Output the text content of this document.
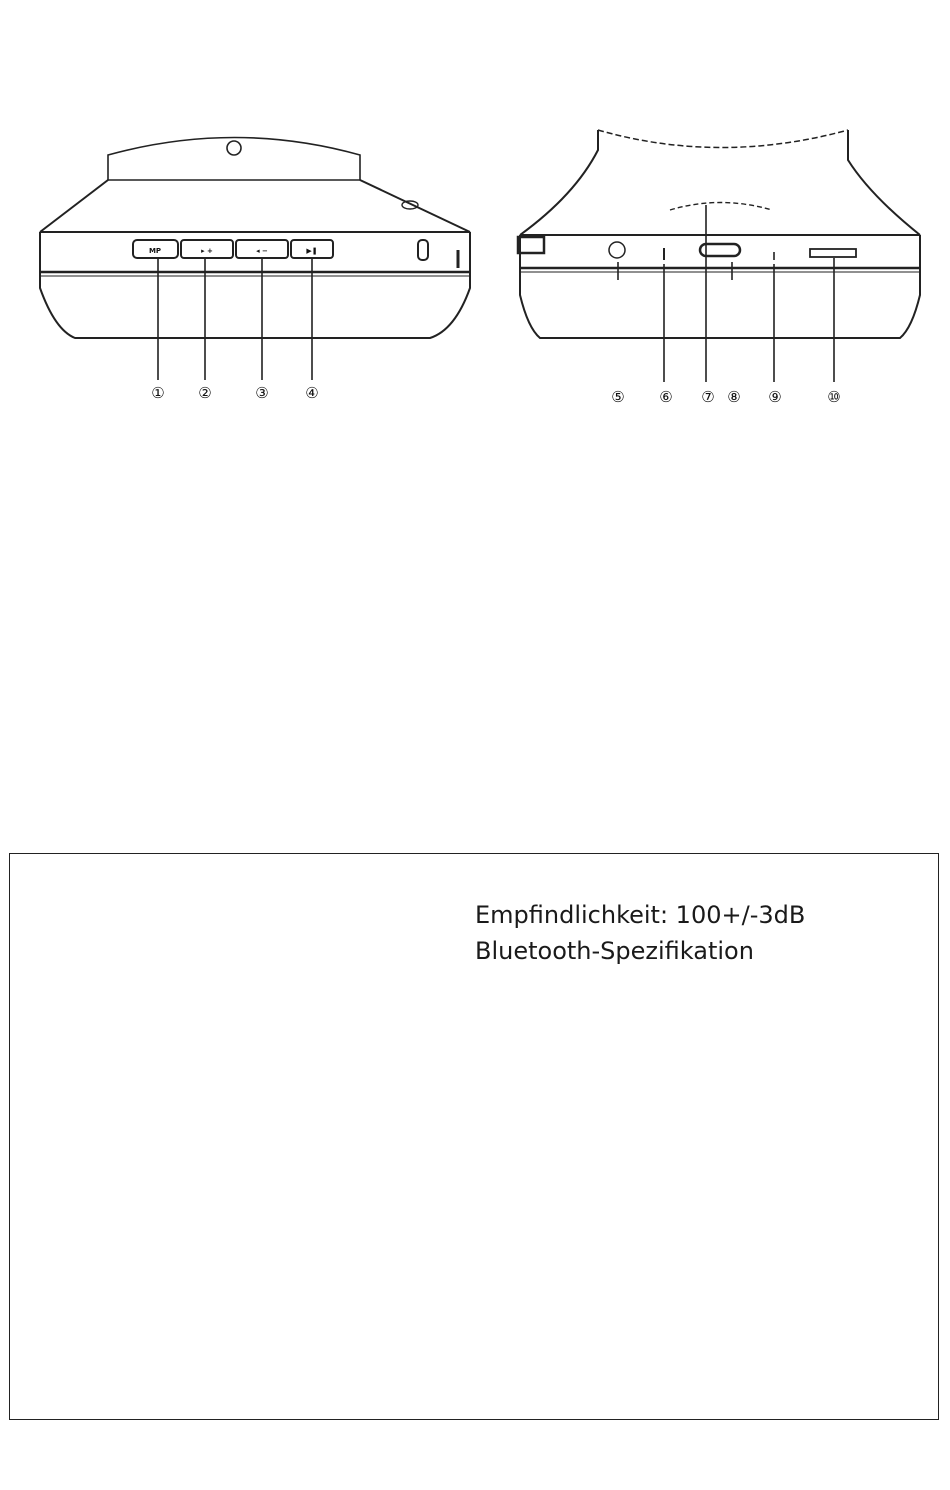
MP	▸ +	◂ −	▶❚
① ②	③ ④	⑤ ⑥ ⑦ ⑧ ⑨	⑩
Empfindlichkeit: 100+/-3dB
Bluetooth-Spezifikation
